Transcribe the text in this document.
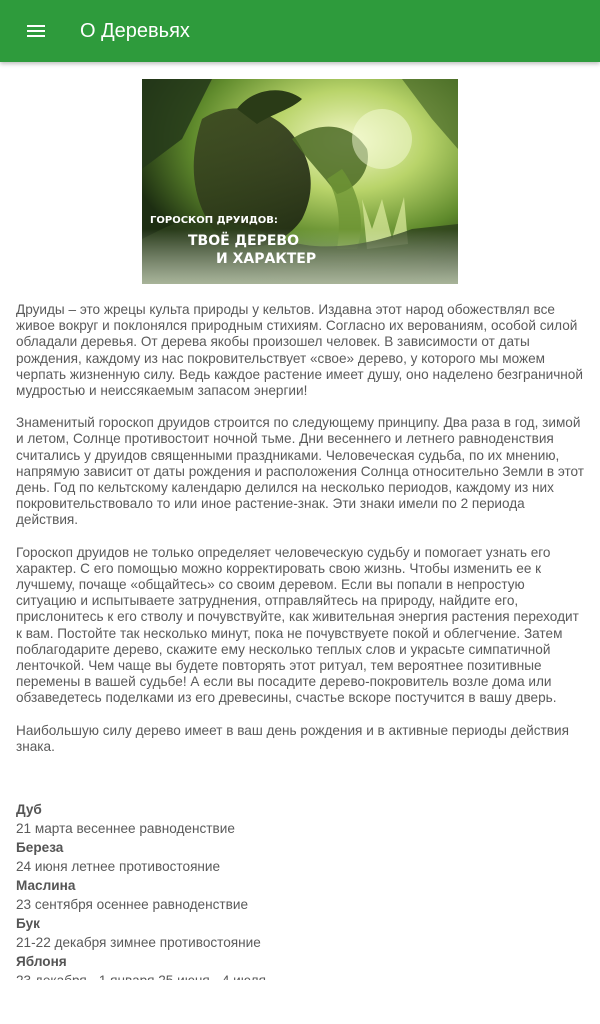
О Деревьях
ГОРОСКОП ДРУИДОВ:
ТВОЁ ДЕРЕВО
И ХАРАКТЕР

Друиды – это жрецы культа природы у кельтов. Издавна этот народ обожествлял все живое вокруг и поклонялся природным стихиям. Согласно их верованиям, особой силой обладали деревья. От дерева якобы произошел человек. В зависимости от даты рождения, каждому из нас покровительствует «свое» дерево, у которого мы можем черпать жизненную силу. Ведь каждое растение имеет душу, оно наделено безграничной мудростью и неиссякаемым запасом энергии!

Знаменитый гороскоп друидов строится по следующему принципу. Два раза в год, зимой и летом, Солнце противостоит ночной тьме. Дни весеннего и летнего равноденствия считались у друидов священными праздниками. Человеческая судьба, по их мнению, напрямую зависит от даты рождения и расположения Солнца относительно Земли в этот день. Год по кельтскому календарю делился на несколько периодов, каждому из них покровительствовало то или иное растение-знак. Эти знаки имели по 2 периода действия.

Гороскоп друидов не только определяет человеческую судьбу и помогает узнать его характер. С его помощью можно корректировать свою жизнь. Чтобы изменить ее к лучшему, почаще «общайтесь» со своим деревом. Если вы попали в непростую ситуацию и испытываете затруднения, отправляйтесь на природу, найдите его, прислонитесь к его стволу и почувствуйте, как живительная энергия растения переходит к вам. Постойте так несколько минут, пока не почувствуете покой и облегчение. Затем поблагодарите дерево, скажите ему несколько теплых слов и украсьте симпатичной ленточкой. Чем чаще вы будете повторять этот ритуал, тем вероятнее позитивные перемены в вашей судьбе! А если вы посадите дерево-покровитель возле дома или обзаведетесь поделками из его древесины, счастье вскоре постучится в вашу дверь.

Наибольшую силу дерево имеет в ваш день рождения и в активные периоды действия знака.

Дуб
21 марта весеннее равноденствие
Береза
24 июня летнее противостояние
Маслина
23 сентября осеннее равноденствие
Бук
21-22 декабря зимнее противостояние
Яблоня
